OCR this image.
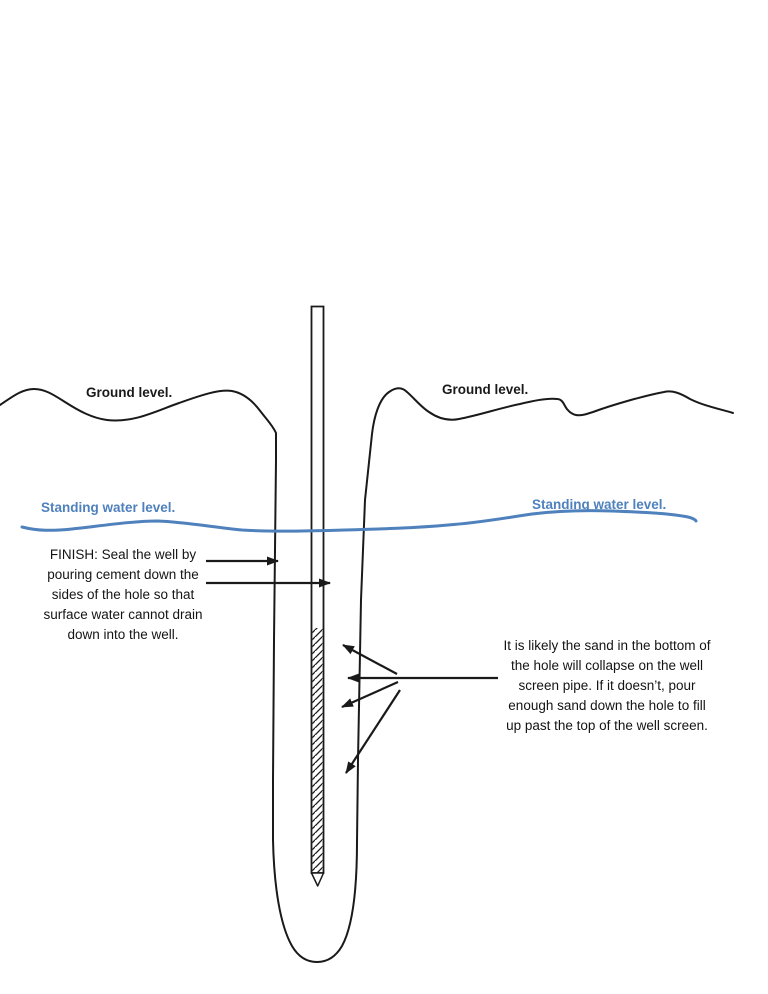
Ground level.	Ground level.
Standing water level.	Standing water level.
FINISH: Seal the well by
pouring cement down the
sides of the hole so that
surface water cannot drain
down into the well.
It is likely the sand in the bottom of
the hole will collapse on the well
screen pipe. If it doesn’t, pour
enough sand down the hole to fill
up past the top of the well screen.
